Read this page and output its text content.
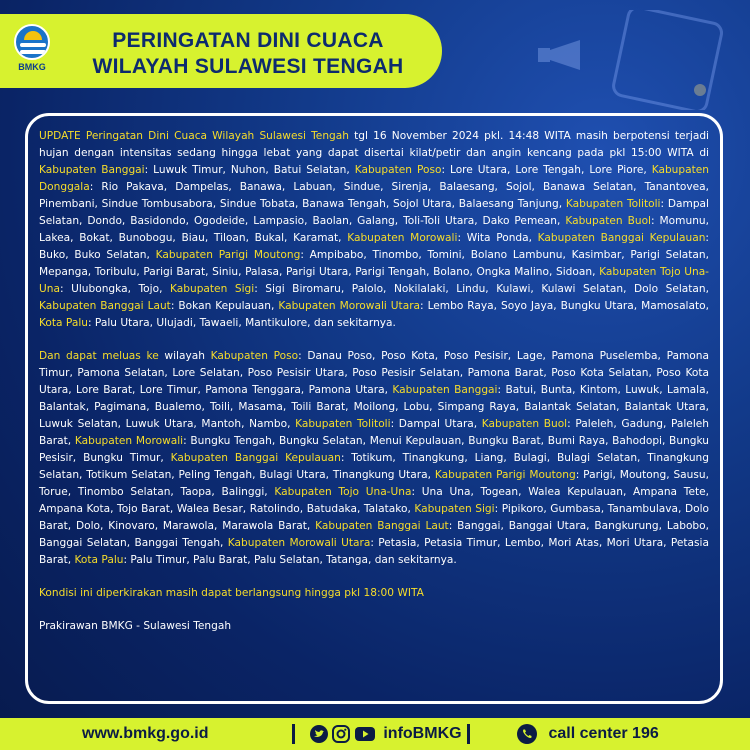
BMKG
PERINGATAN DINI CUACA
WILAYAH SULAWESI TENGAH

UPDATE Peringatan Dini Cuaca Wilayah Sulawesi Tengah tgl 16 November 2024 pkl. 14:48 WITA masih berpotensi terjadi hujan dengan intensitas sedang hingga lebat yang dapat disertai kilat/petir dan angin kencang pada pkl 15:00 WITA di Kabupaten Banggai: Luwuk Timur, Nuhon, Batui Selatan, Kabupaten Poso: Lore Utara, Lore Tengah, Lore Piore, Kabupaten Donggala: Rio Pakava, Dampelas, Banawa, Labuan, Sindue, Sirenja, Balaesang, Sojol, Banawa Selatan, Tanantovea, Pinembani, Sindue Tombusabora, Sindue Tobata, Banawa Tengah, Sojol Utara, Balaesang Tanjung, Kabupaten Tolitoli: Dampal Selatan, Dondo, Basidondo, Ogodeide, Lampasio, Baolan, Galang, Toli-Toli Utara, Dako Pemean, Kabupaten Buol: Momunu, Lakea, Bokat, Bunobogu, Biau, Tiloan, Bukal, Karamat, Kabupaten Morowali: Wita Ponda, Kabupaten Banggai Kepulauan: Buko, Buko Selatan, Kabupaten Parigi Moutong: Ampibabo, Tinombo, Tomini, Bolano Lambunu, Kasimbar, Parigi Selatan, Mepanga, Toribulu, Parigi Barat, Siniu, Palasa, Parigi Utara, Parigi Tengah, Bolano, Ongka Malino, Sidoan, Kabupaten Tojo Una-Una: Ulubongka, Tojo, Kabupaten Sigi: Sigi Biromaru, Palolo, Nokilalaki, Lindu, Kulawi, Kulawi Selatan, Dolo Selatan, Kabupaten Banggai Laut: Bokan Kepulauan, Kabupaten Morowali Utara: Lembo Raya, Soyo Jaya, Bungku Utara, Mamosalato, Kota Palu: Palu Utara, Ulujadi, Tawaeli, Mantikulore, dan sekitarnya.

Dan dapat meluas ke wilayah Kabupaten Poso: Danau Poso, Poso Kota, Poso Pesisir, Lage, Pamona Puselemba, Pamona Timur, Pamona Selatan, Lore Selatan, Poso Pesisir Utara, Poso Pesisir Selatan, Pamona Barat, Poso Kota Selatan, Poso Kota Utara, Lore Barat, Lore Timur, Pamona Tenggara, Pamona Utara, Kabupaten Banggai: Batui, Bunta, Kintom, Luwuk, Lamala, Balantak, Pagimana, Bualemo, Toili, Masama, Toili Barat, Moilong, Lobu, Simpang Raya, Balantak Selatan, Balantak Utara, Luwuk Selatan, Luwuk Utara, Mantoh, Nambo, Kabupaten Tolitoli: Dampal Utara, Kabupaten Buol: Paleleh, Gadung, Paleleh Barat, Kabupaten Morowali: Bungku Tengah, Bungku Selatan, Menui Kepulauan, Bungku Barat, Bumi Raya, Bahodopi, Bungku Pesisir, Bungku Timur, Kabupaten Banggai Kepulauan: Totikum, Tinangkung, Liang, Bulagi, Bulagi Selatan, Tinangkung Selatan, Totikum Selatan, Peling Tengah, Bulagi Utara, Tinangkung Utara, Kabupaten Parigi Moutong: Parigi, Moutong, Sausu, Torue, Tinombo Selatan, Taopa, Balinggi, Kabupaten Tojo Una-Una: Una Una, Togean, Walea Kepulauan, Ampana Tete, Ampana Kota, Tojo Barat, Walea Besar, Ratolindo, Batudaka, Talatako, Kabupaten Sigi: Pipikoro, Gumbasa, Tanambulava, Dolo Barat, Dolo, Kinovaro, Marawola, Marawola Barat, Kabupaten Banggai Laut: Banggai, Banggai Utara, Bangkurung, Labobo, Banggai Selatan, Banggai Tengah, Kabupaten Morowali Utara: Petasia, Petasia Timur, Lembo, Mori Atas, Mori Utara, Petasia Barat, Kota Palu: Palu Timur, Palu Barat, Palu Selatan, Tatanga, dan sekitarnya.

Kondisi ini diperkirakan masih dapat berlangsung hingga pkl 18:00 WITA

Prakirawan BMKG - Sulawesi Tengah

www.bmkg.go.id	infoBMKG	call center 196
